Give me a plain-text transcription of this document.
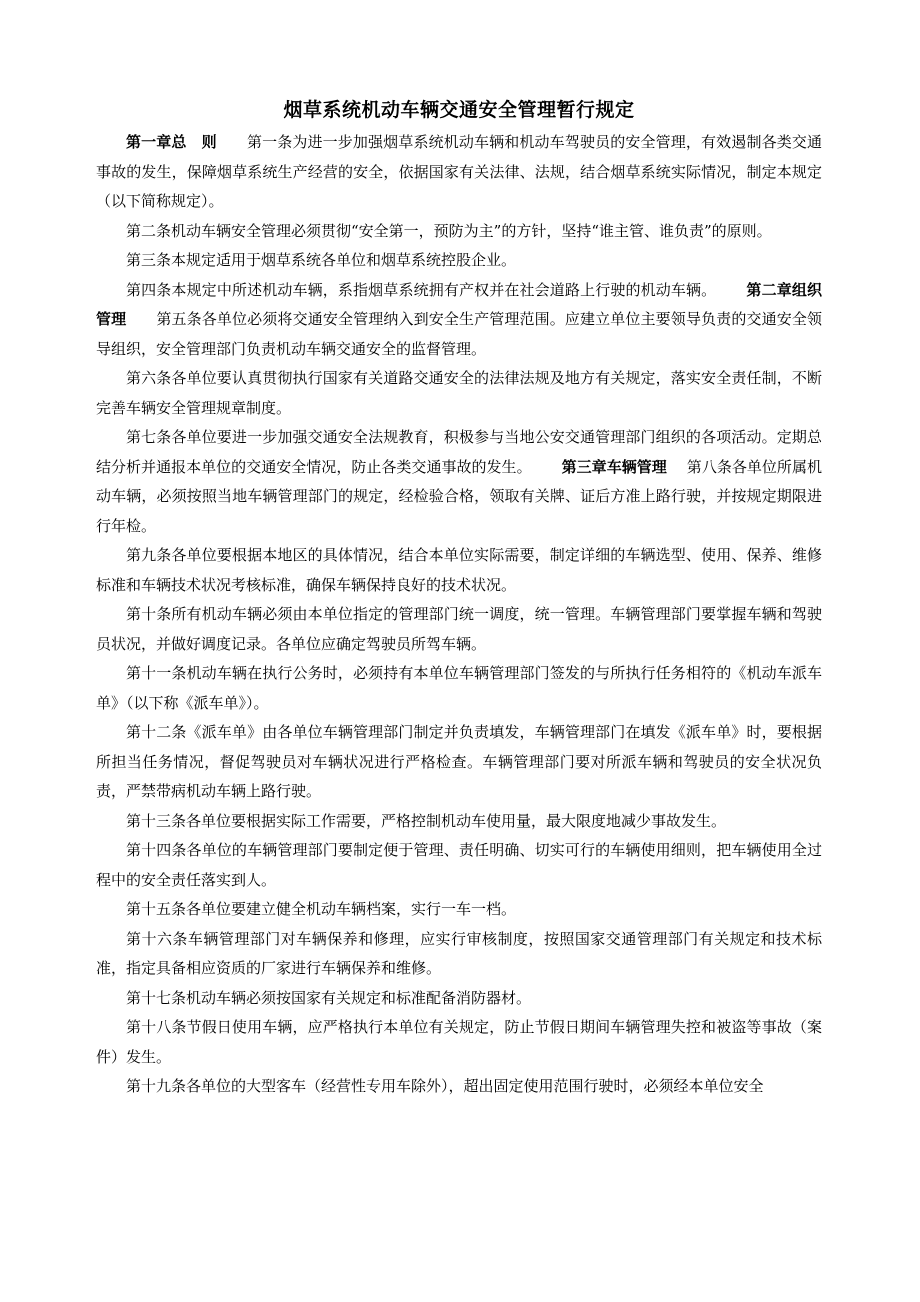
烟草系统机动车辆交通安全管理暂行规定

第一章总　则 第一条为进一步加强烟草系统机动车辆和机动车驾驶员的安全管理，有效遏制各类交通事故的发生，保障烟草系统生产经营的安全，依据国家有关法律、法规，结合烟草系统实际情况，制定本规定（以下简称规定）。

第二条机动车辆安全管理必须贯彻“安全第一，预防为主”的方针，坚持“谁主管、谁负责”的原则。

第三条本规定适用于烟草系统各单位和烟草系统控股企业。

第四条本规定中所述机动车辆，系指烟草系统拥有产权并在社会道路上行驶的机动车辆。 第二章组织管理 第五条各单位必须将交通安全管理纳入到安全生产管理范围。应建立单位主要领导负责的交通安全领导组织，安全管理部门负责机动车辆交通安全的监督管理。

第六条各单位要认真贯彻执行国家有关道路交通安全的法律法规及地方有关规定，落实安全责任制，不断完善车辆安全管理规章制度。

第七条各单位要进一步加强交通安全法规教育，积极参与当地公安交通管理部门组织的各项活动。定期总结分析并通报本单位的交通安全情况，防止各类交通事故的发生。 第三章车辆管理 第八条各单位所属机动车辆，必须按照当地车辆管理部门的规定，经检验合格，领取有关牌、证后方准上路行驶，并按规定期限进行年检。

第九条各单位要根据本地区的具体情况，结合本单位实际需要，制定详细的车辆选型、使用、保养、维修标准和车辆技术状况考核标准，确保车辆保持良好的技术状况。

第十条所有机动车辆必须由本单位指定的管理部门统一调度，统一管理。车辆管理部门要掌握车辆和驾驶员状况，并做好调度记录。各单位应确定驾驶员所驾车辆。

第十一条机动车辆在执行公务时，必须持有本单位车辆管理部门签发的与所执行任务相符的《机动车派车单》（以下称《派车单》）。

第十二条《派车单》由各单位车辆管理部门制定并负责填发，车辆管理部门在填发《派车单》时，要根据所担当任务情况，督促驾驶员对车辆状况进行严格检查。车辆管理部门要对所派车辆和驾驶员的安全状况负责，严禁带病机动车辆上路行驶。

第十三条各单位要根据实际工作需要，严格控制机动车使用量，最大限度地减少事故发生。

第十四条各单位的车辆管理部门要制定便于管理、责任明确、切实可行的车辆使用细则，把车辆使用全过程中的安全责任落实到人。

第十五条各单位要建立健全机动车辆档案，实行一车一档。

第十六条车辆管理部门对车辆保养和修理，应实行审核制度，按照国家交通管理部门有关规定和技术标准，指定具备相应资质的厂家进行车辆保养和维修。

第十七条机动车辆必须按国家有关规定和标准配备消防器材。

第十八条节假日使用车辆，应严格执行本单位有关规定，防止节假日期间车辆管理失控和被盗等事故（案件）发生。

第十九条各单位的大型客车（经营性专用车除外），超出固定使用范围行驶时，必须经本单位安全
